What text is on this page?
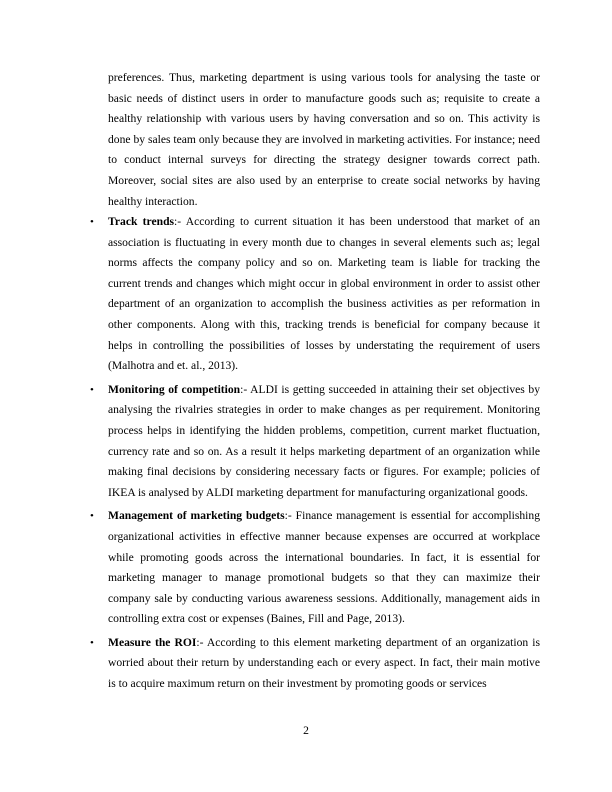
preferences. Thus, marketing department is using various tools for analysing the taste or basic needs of distinct users in order to manufacture goods such as; requisite to create a healthy relationship with various users by having conversation and so on. This activity is done by sales team only because they are involved in marketing activities. For instance; need to conduct internal surveys for directing the strategy designer towards correct path. Moreover, social sites are also used by an enterprise to create social networks by having healthy interaction.

• Track trends:- According to current situation it has been understood that market of an association is fluctuating in every month due to changes in several elements such as; legal norms affects the company policy and so on. Marketing team is liable for tracking the current trends and changes which might occur in global environment in order to assist other department of an organization to accomplish the business activities as per reformation in other components. Along with this, tracking trends is beneficial for company because it helps in controlling the possibilities of losses by understating the requirement of users (Malhotra and et. al., 2013).
• Monitoring of competition:- ALDI is getting succeeded in attaining their set objectives by analysing the rivalries strategies in order to make changes as per requirement. Monitoring process helps in identifying the hidden problems, competition, current market fluctuation, currency rate and so on. As a result it helps marketing department of an organization while making final decisions by considering necessary facts or figures. For example; policies of IKEA is analysed by ALDI marketing department for manufacturing organizational goods.
• Management of marketing budgets:- Finance management is essential for accomplishing organizational activities in effective manner because expenses are occurred at workplace while promoting goods across the international boundaries. In fact, it is essential for marketing manager to manage promotional budgets so that they can maximize their company sale by conducting various awareness sessions. Additionally, management aids in controlling extra cost or expenses (Baines, Fill and Page, 2013).
• Measure the ROI:- According to this element marketing department of an organization is worried about their return by understanding each or every aspect. In fact, their main motive is to acquire maximum return on their investment by promoting goods or services
2
